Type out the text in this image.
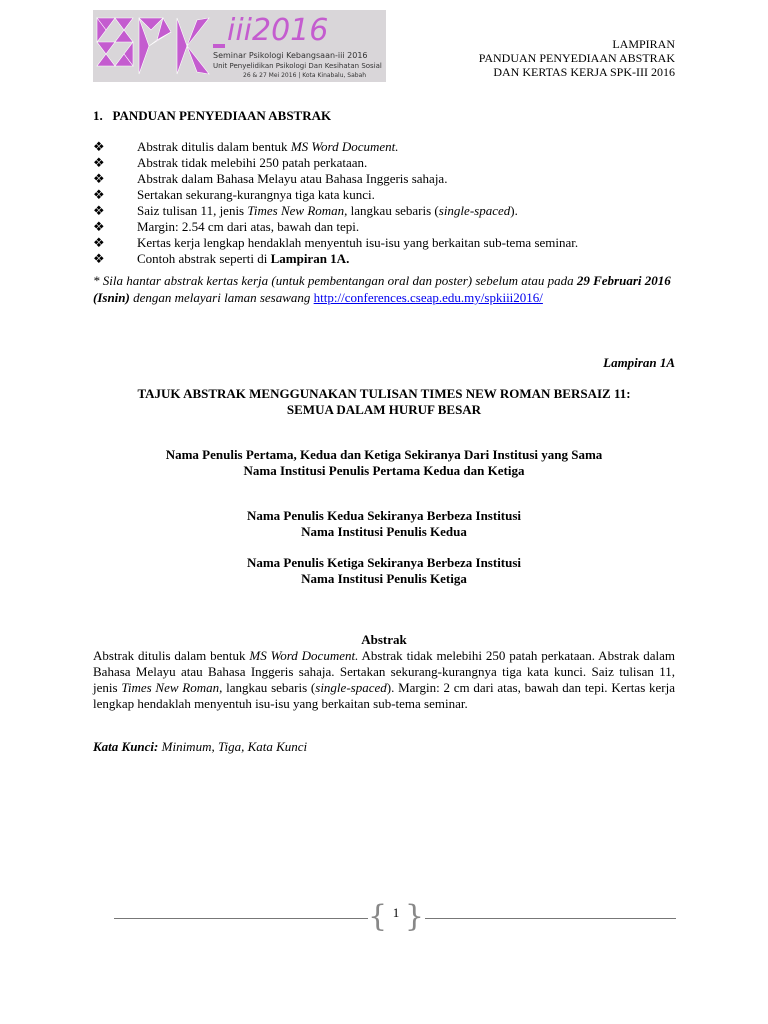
iii2016
Seminar Psikologi Kebangsaan-iii 2016
Unit Penyelidikan Psikologi Dan Kesihatan Sosial
26 & 27 Mei 2016 | Kota Kinabalu, Sabah
LAMPIRAN
PANDUAN PENYEDIAAN ABSTRAK
DAN KERTAS KERJA SPK-III 2016
1.   PANDUAN PENYEDIAAN ABSTRAK
❖ Abstrak ditulis dalam bentuk MS Word Document.
❖ Abstrak tidak melebihi 250 patah perkataan.
❖ Abstrak dalam Bahasa Melayu atau Bahasa Inggeris sahaja.
❖ Sertakan sekurang-kurangnya tiga kata kunci.
❖ Saiz tulisan 11, jenis Times New Roman, langkau sebaris (single-spaced).
❖ Margin: 2.54 cm dari atas, bawah dan tepi.
❖ Kertas kerja lengkap hendaklah menyentuh isu-isu yang berkaitan sub-tema seminar.
❖ Contoh abstrak seperti di Lampiran 1A.
* Sila hantar abstrak kertas kerja (untuk pembentangan oral dan poster) sebelum atau pada 29 Februari 2016 (Isnin) dengan melayari laman sesawang http://conferences.cseap.edu.my/spkiii2016/
Lampiran 1A
TAJUK ABSTRAK MENGGUNAKAN TULISAN TIMES NEW ROMAN BERSAIZ 11:
SEMUA DALAM HURUF BESAR
Nama Penulis Pertama, Kedua dan Ketiga Sekiranya Dari Institusi yang Sama
Nama Institusi Penulis Pertama Kedua dan Ketiga
Nama Penulis Kedua Sekiranya Berbeza Institusi
Nama Institusi Penulis Kedua
Nama Penulis Ketiga Sekiranya Berbeza Institusi
Nama Institusi Penulis Ketiga
Abstrak
Abstrak ditulis dalam bentuk MS Word Document. Abstrak tidak melebihi 250 patah perkataan. Abstrak dalam Bahasa Melayu atau Bahasa Inggeris sahaja. Sertakan sekurang-kurangnya tiga kata kunci. Saiz tulisan 11, jenis Times New Roman, langkau sebaris (single-spaced). Margin: 2 cm dari atas, bawah dan tepi. Kertas kerja lengkap hendaklah menyentuh isu-isu yang berkaitan sub-tema seminar.
Kata Kunci: Minimum, Tiga, Kata Kunci
{ 1 }
